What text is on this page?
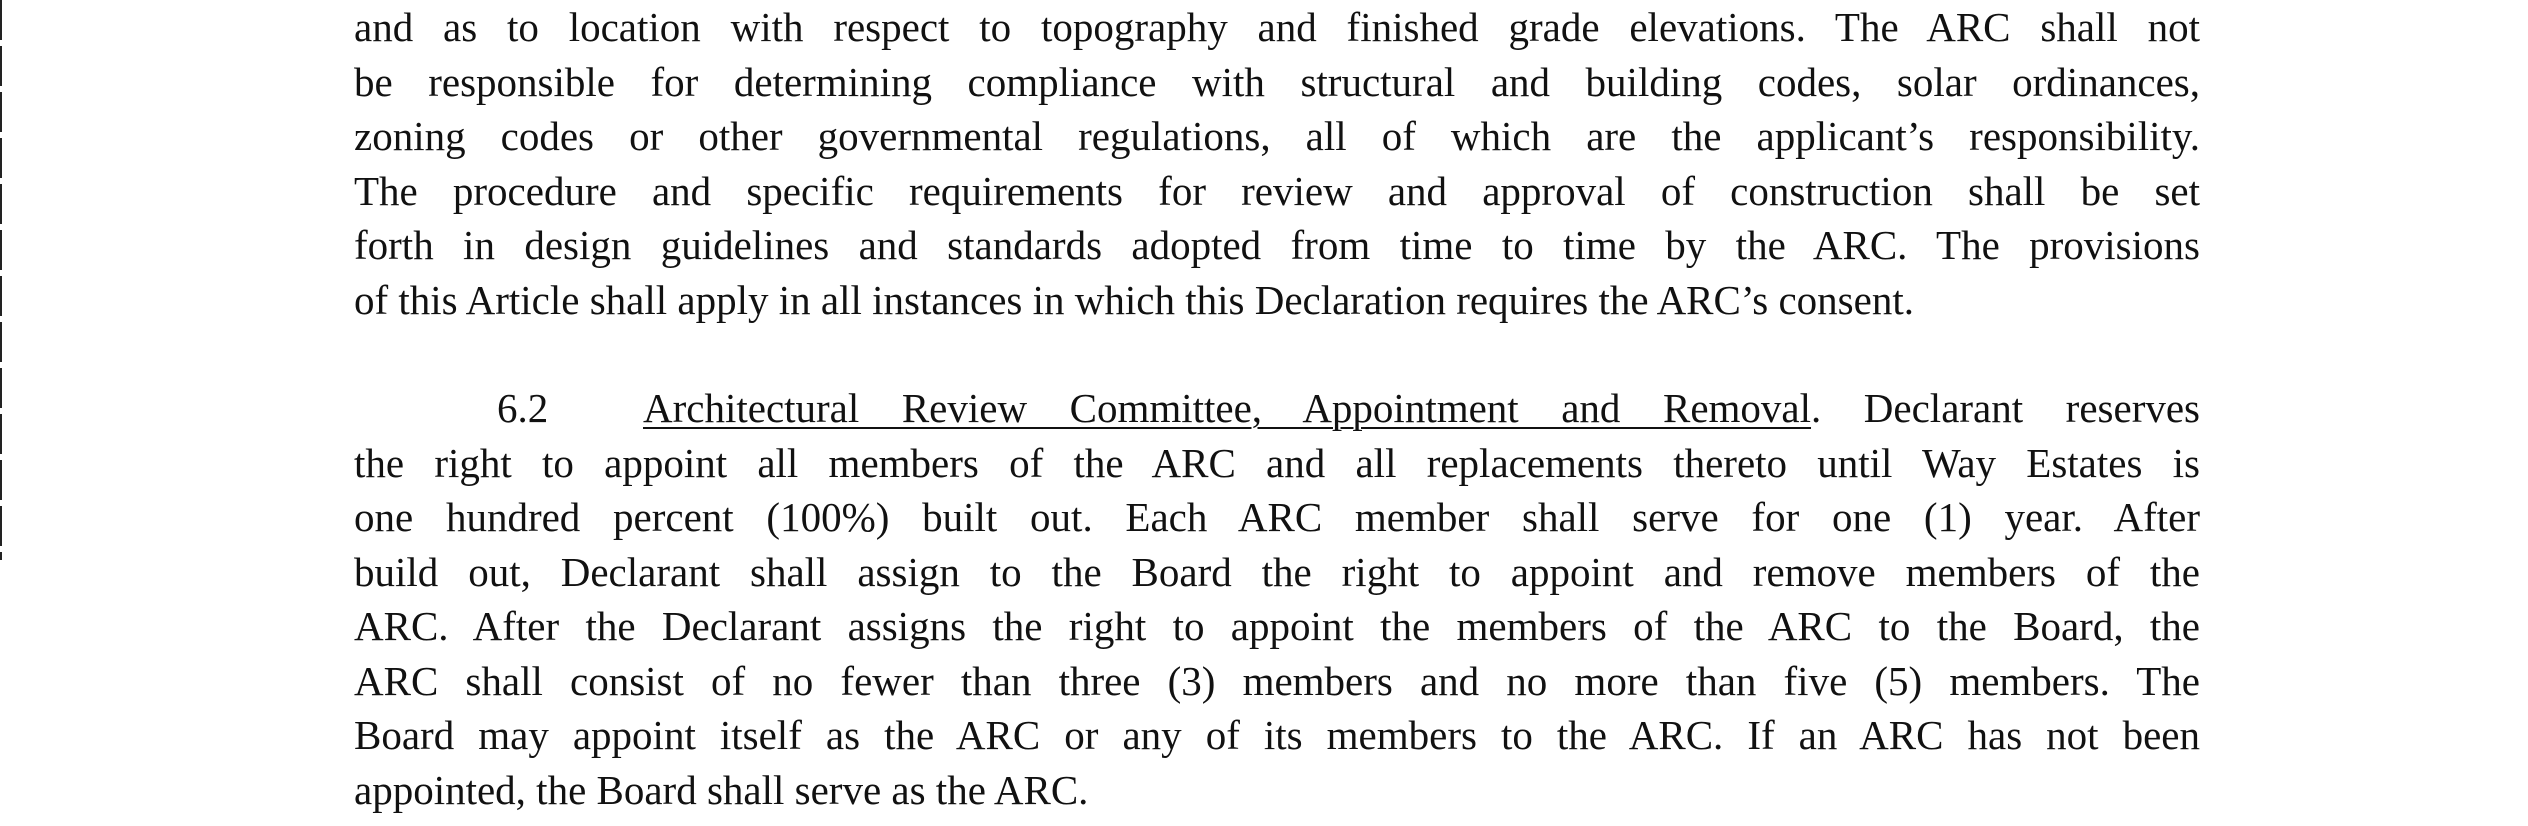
and as to location with respect to topography and finished grade elevations. The ARC shall not
be responsible for determining compliance with structural and building codes, solar ordinances,
zoning codes or other governmental regulations, all of which are the applicant’s responsibility.
The procedure and specific requirements for review and approval of construction shall be set
forth in design guidelines and standards adopted from time to time by the ARC. The provisions
of this Article shall apply in all instances in which this Declaration requires the ARC’s consent.
6.2 Architectural Review Committee, Appointment and Removal. Declarant reserves
the right to appoint all members of the ARC and all replacements thereto until Way Estates is
one hundred percent (100%) built out. Each ARC member shall serve for one (1) year. After
build out, Declarant shall assign to the Board the right to appoint and remove members of the
ARC. After the Declarant assigns the right to appoint the members of the ARC to the Board, the
ARC shall consist of no fewer than three (3) members and no more than five (5) members. The
Board may appoint itself as the ARC or any of its members to the ARC. If an ARC has not been
appointed, the Board shall serve as the ARC.
